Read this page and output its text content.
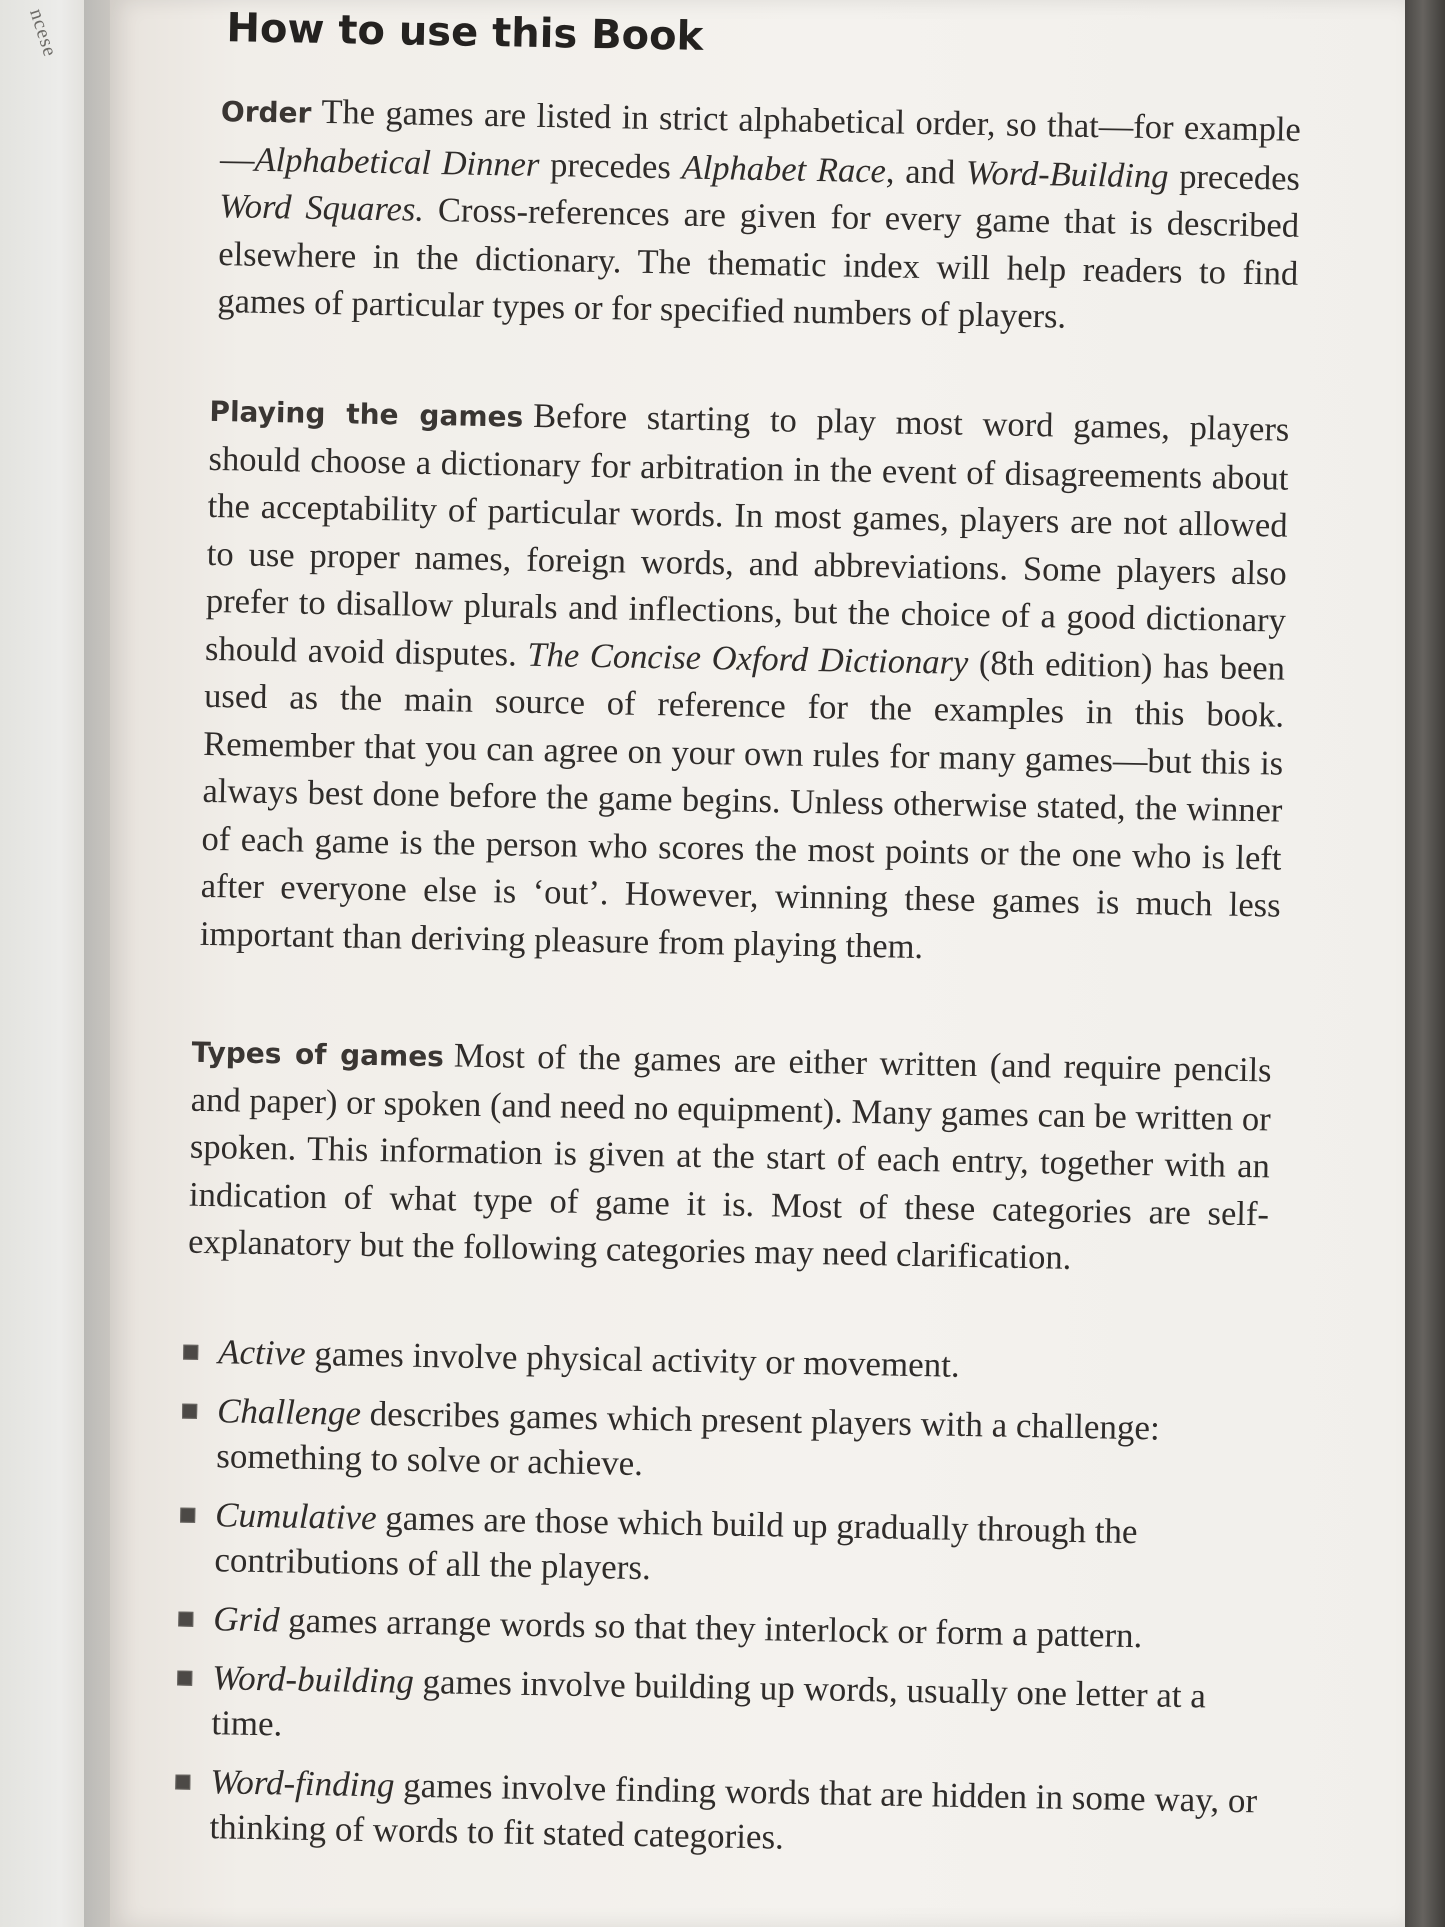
ncese	How to use this Book

Order The games are listed in strict alphabetical order, so that—for example—Alphabetical Dinner precedes Alphabet Race, and Word-Building precedes Word Squares. Cross-references are given for every game that is described elsewhere in the dictionary. The thematic index will help readers to find games of particular types or for specified numbers of players.

Playing the games Before starting to play most word games, players should choose a dictionary for arbitration in the event of disagreements about the acceptability of particular words. In most games, players are not allowed to use proper names, foreign words, and abbreviations. Some players also prefer to disallow plurals and inflections, but the choice of a good dictionary should avoid disputes. The Concise Oxford Dictionary (8th edition) has been used as the main source of reference for the examples in this book. Remember that you can agree on your own rules for many games—but this is always best done before the game begins. Unless otherwise stated, the winner of each game is the person who scores the most points or the one who is left after everyone else is ‘out’. However, winning these games is much less important than deriving pleasure from playing them.

Types of games Most of the games are either written (and require pencils and paper) or spoken (and need no equipment). Many games can be written or spoken. This information is given at the start of each entry, together with an indication of what type of game it is. Most of these categories are self-explanatory but the following categories may need clarification.

Active games involve physical activity or movement.
Challenge describes games which present players with a challenge: something to solve or achieve.
Cumulative games are those which build up gradually through the contributions of all the players.
Grid games arrange words so that they interlock or form a pattern.
Word-building games involve building up words, usually one letter at a time.
Word-finding games involve finding words that are hidden in some way, or thinking of words to fit stated categories.
